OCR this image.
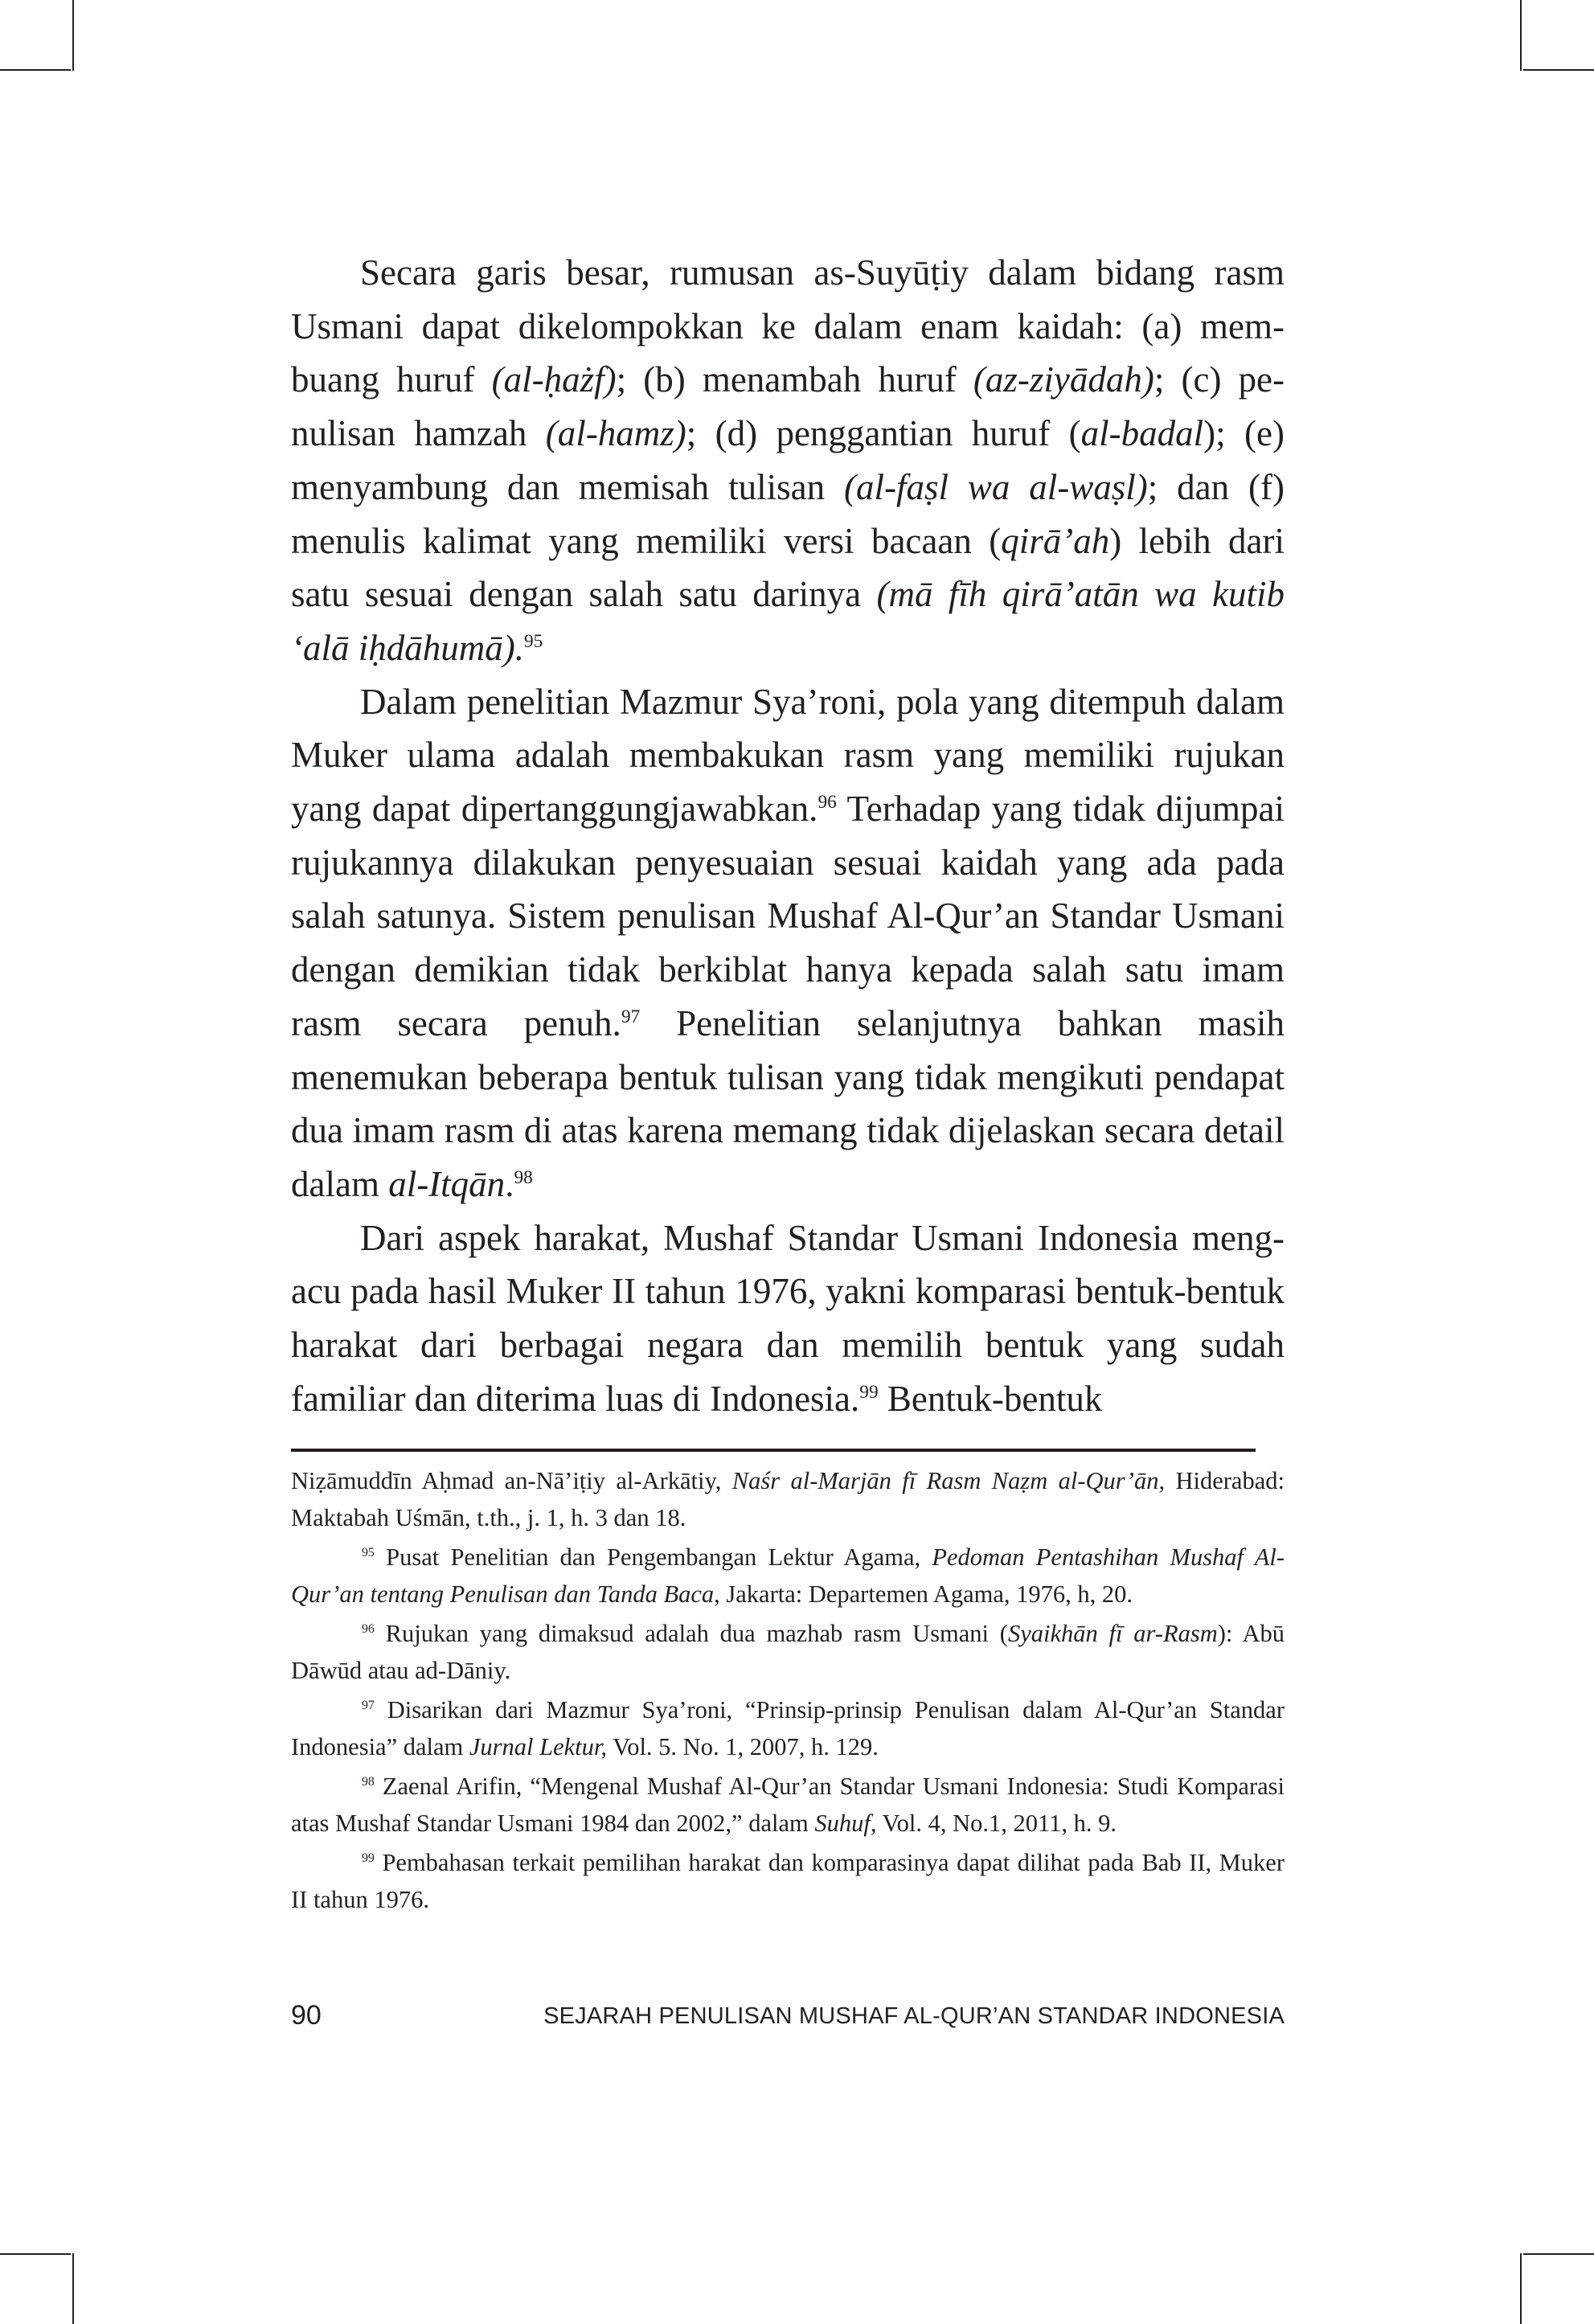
Secara garis besar, rumusan as-Suyūṭiy dalam bidang rasm Usmani dapat dikelompokkan ke dalam enam kaidah: (a) membuang huruf (al-ḥażf); (b) menambah huruf (az-ziyādah); (c) penulisan hamzah (al-hamz); (d) penggantian huruf (al-badal); (e) menyambung dan memisah tulisan (al-faṣl wa al-waṣl); dan (f) menulis kalimat yang memiliki versi bacaan (qirā’ah) lebih dari satu sesuai dengan salah satu darinya (mā fīh qirā’atān wa kutib ‘alā iḥdāhumā).$^{95}$

Dalam penelitian Mazmur Sya’roni, pola yang ditempuh dalam Muker ulama adalah membakukan rasm yang memiliki rujukan yang dapat dipertanggungjawabkan.$^{96}$ Terhadap yang tidak dijumpai rujukannya dilakukan penyesuaian sesuai kaidah yang ada pada salah satunya. Sistem penulisan Mushaf Al-Qur’an Standar Usmani dengan demikian tidak berkiblat hanya kepada salah satu imam rasm secara penuh.$^{97}$ Penelitian selanjutnya bahkan masih menemukan beberapa bentuk tulisan yang tidak mengikuti pendapat dua imam rasm di atas karena memang tidak dijelaskan secara detail dalam al-Itqān.$^{98}$

Dari aspek harakat, Mushaf Standar Usmani Indonesia mengacu pada hasil Muker II tahun 1976, yakni komparasi bentuk-bentuk harakat dari berbagai negara dan memilih bentuk yang sudah familiar dan diterima luas di Indonesia.$^{99}$ Bentuk-bentuk

Niẓāmuddīn Aḥmad an-Nā’iṭiy al-Arkātiy, Naśr al-Marjān fī Rasm Naẓm al-Qur’ān, Hiderabad: Maktabah Uśmān, t.th., j. 1, h. 3 dan 18.

$^{95}$ Pusat Penelitian dan Pengembangan Lektur Agama, Pedoman Pentashihan Mushaf Al-Qur’an tentang Penulisan dan Tanda Baca, Jakarta: Departemen Agama, 1976, h, 20.

$^{96}$ Rujukan yang dimaksud adalah dua mazhab rasm Usmani (Syaikhān fī ar-Rasm): Abū Dāwūd atau ad-Dāniy.

$^{97}$ Disarikan dari Mazmur Sya’roni, “Prinsip-prinsip Penulisan dalam Al-Qur’an Standar Indonesia” dalam Jurnal Lektur, Vol. 5. No. 1, 2007, h. 129.

$^{98}$ Zaenal Arifin, “Mengenal Mushaf Al-Qur’an Standar Usmani Indonesia: Studi Komparasi atas Mushaf Standar Usmani 1984 dan 2002,” dalam Suhuf, Vol. 4, No.1, 2011, h. 9.

$^{99}$ Pembahasan terkait pemilihan harakat dan komparasinya dapat dilihat pada Bab II, Muker II tahun 1976.

90	SEJARAH PENULISAN MUSHAF AL-QUR’AN STANDAR INDONESIA
